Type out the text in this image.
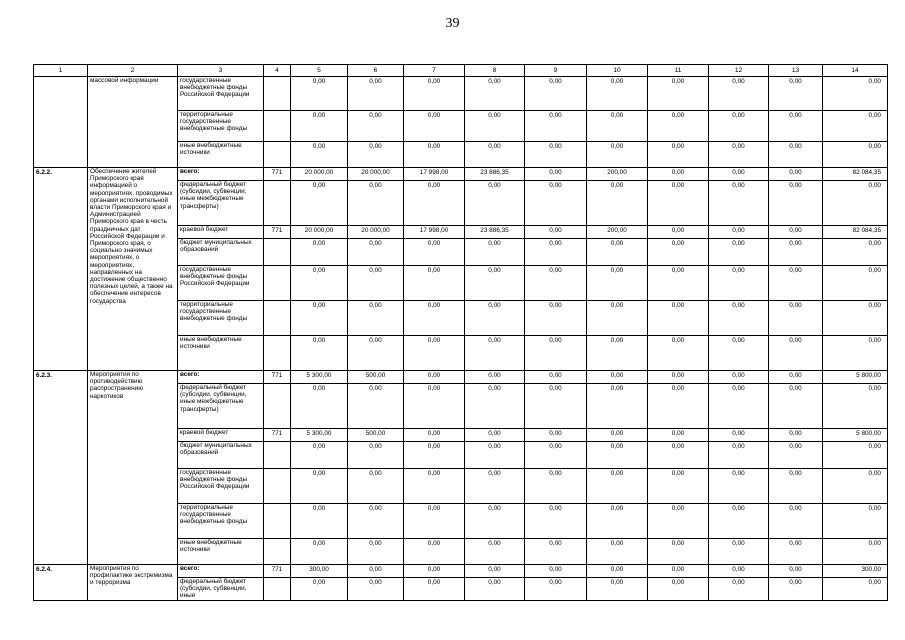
39
1	2	3	4	5	6	7	8	9	10	11	12	13	14
	массовой информации	государственные внебюджетные фонды Российской Федерации		0,00	0,00	0,00	0,00	0,00	0,00	0,00	0,00	0,00	0,00
		территориальные государственные внебюджетные фонды		0,00	0,00	0,00	0,00	0,00	0,00	0,00	0,00	0,00	0,00
		иные внебюджетные источники		0,00	0,00	0,00	0,00	0,00	0,00	0,00	0,00	0,00	0,00
6.2.2.	Обеспечение жителей Приморского края информацией о мероприятиях, проводимых органами исполнительной власти Приморского края и Администрацией Приморского края в честь праздничных дат Российской Федерации и Приморского края, о социально значимых мероприятиях, о мероприятиях, направленных на достижение общественно полезных целей, а также на обеспечение интересов государства	всего:	771	20 000,00	20 000,00	17 998,00	23 886,35	0,00	200,00	0,00	0,00	0,00	82 084,35
		федеральный бюджет (субсидии, субвенции, иные межбюджетные трансферты)		0,00	0,00	0,00	0,00	0,00	0,00	0,00	0,00	0,00	0,00
		краевой бюджет	771	20 000,00	20 000,00	17 998,00	23 886,35	0,00	200,00	0,00	0,00	0,00	82 084,35
		бюджет муниципальных образований		0,00	0,00	0,00	0,00	0,00	0,00	0,00	0,00	0,00	0,00
		государственные внебюджетные фонды Российской Федерации		0,00	0,00	0,00	0,00	0,00	0,00	0,00	0,00	0,00	0,00
		территориальные государственные внебюджетные фонды		0,00	0,00	0,00	0,00	0,00	0,00	0,00	0,00	0,00	0,00
		иные внебюджетные источники		0,00	0,00	0,00	0,00	0,00	0,00	0,00	0,00	0,00	0,00
6.2.3.	Мероприятия по противодействию распространению наркотиков	всего:	771	5 300,00	500,00	0,00	0,00	0,00	0,00	0,00	0,00	0,00	5 800,00
		федеральный бюджет (субсидии, субвенции, иные межбюджетные трансферты)		0,00	0,00	0,00	0,00	0,00	0,00	0,00	0,00	0,00	0,00
		краевой бюджет	771	5 300,00	500,00	0,00	0,00	0,00	0,00	0,00	0,00	0,00	5 800,00
		бюджет муниципальных образований		0,00	0,00	0,00	0,00	0,00	0,00	0,00	0,00	0,00	0,00
		государственные внебюджетные фонды Российской Федерации		0,00	0,00	0,00	0,00	0,00	0,00	0,00	0,00	0,00	0,00
		территориальные государственные внебюджетные фонды		0,00	0,00	0,00	0,00	0,00	0,00	0,00	0,00	0,00	0,00
		иные внебюджетные источники		0,00	0,00	0,00	0,00	0,00	0,00	0,00	0,00	0,00	0,00
6.2.4.	Мероприятия по профилактике экстремизма и терроризма	всего:	771	300,00	0,00	0,00	0,00	0,00	0,00	0,00	0,00	0,00	300,00
		федеральный бюджет (субсидии, субвенции, иные		0,00	0,00	0,00	0,00	0,00	0,00	0,00	0,00	0,00	0,00
